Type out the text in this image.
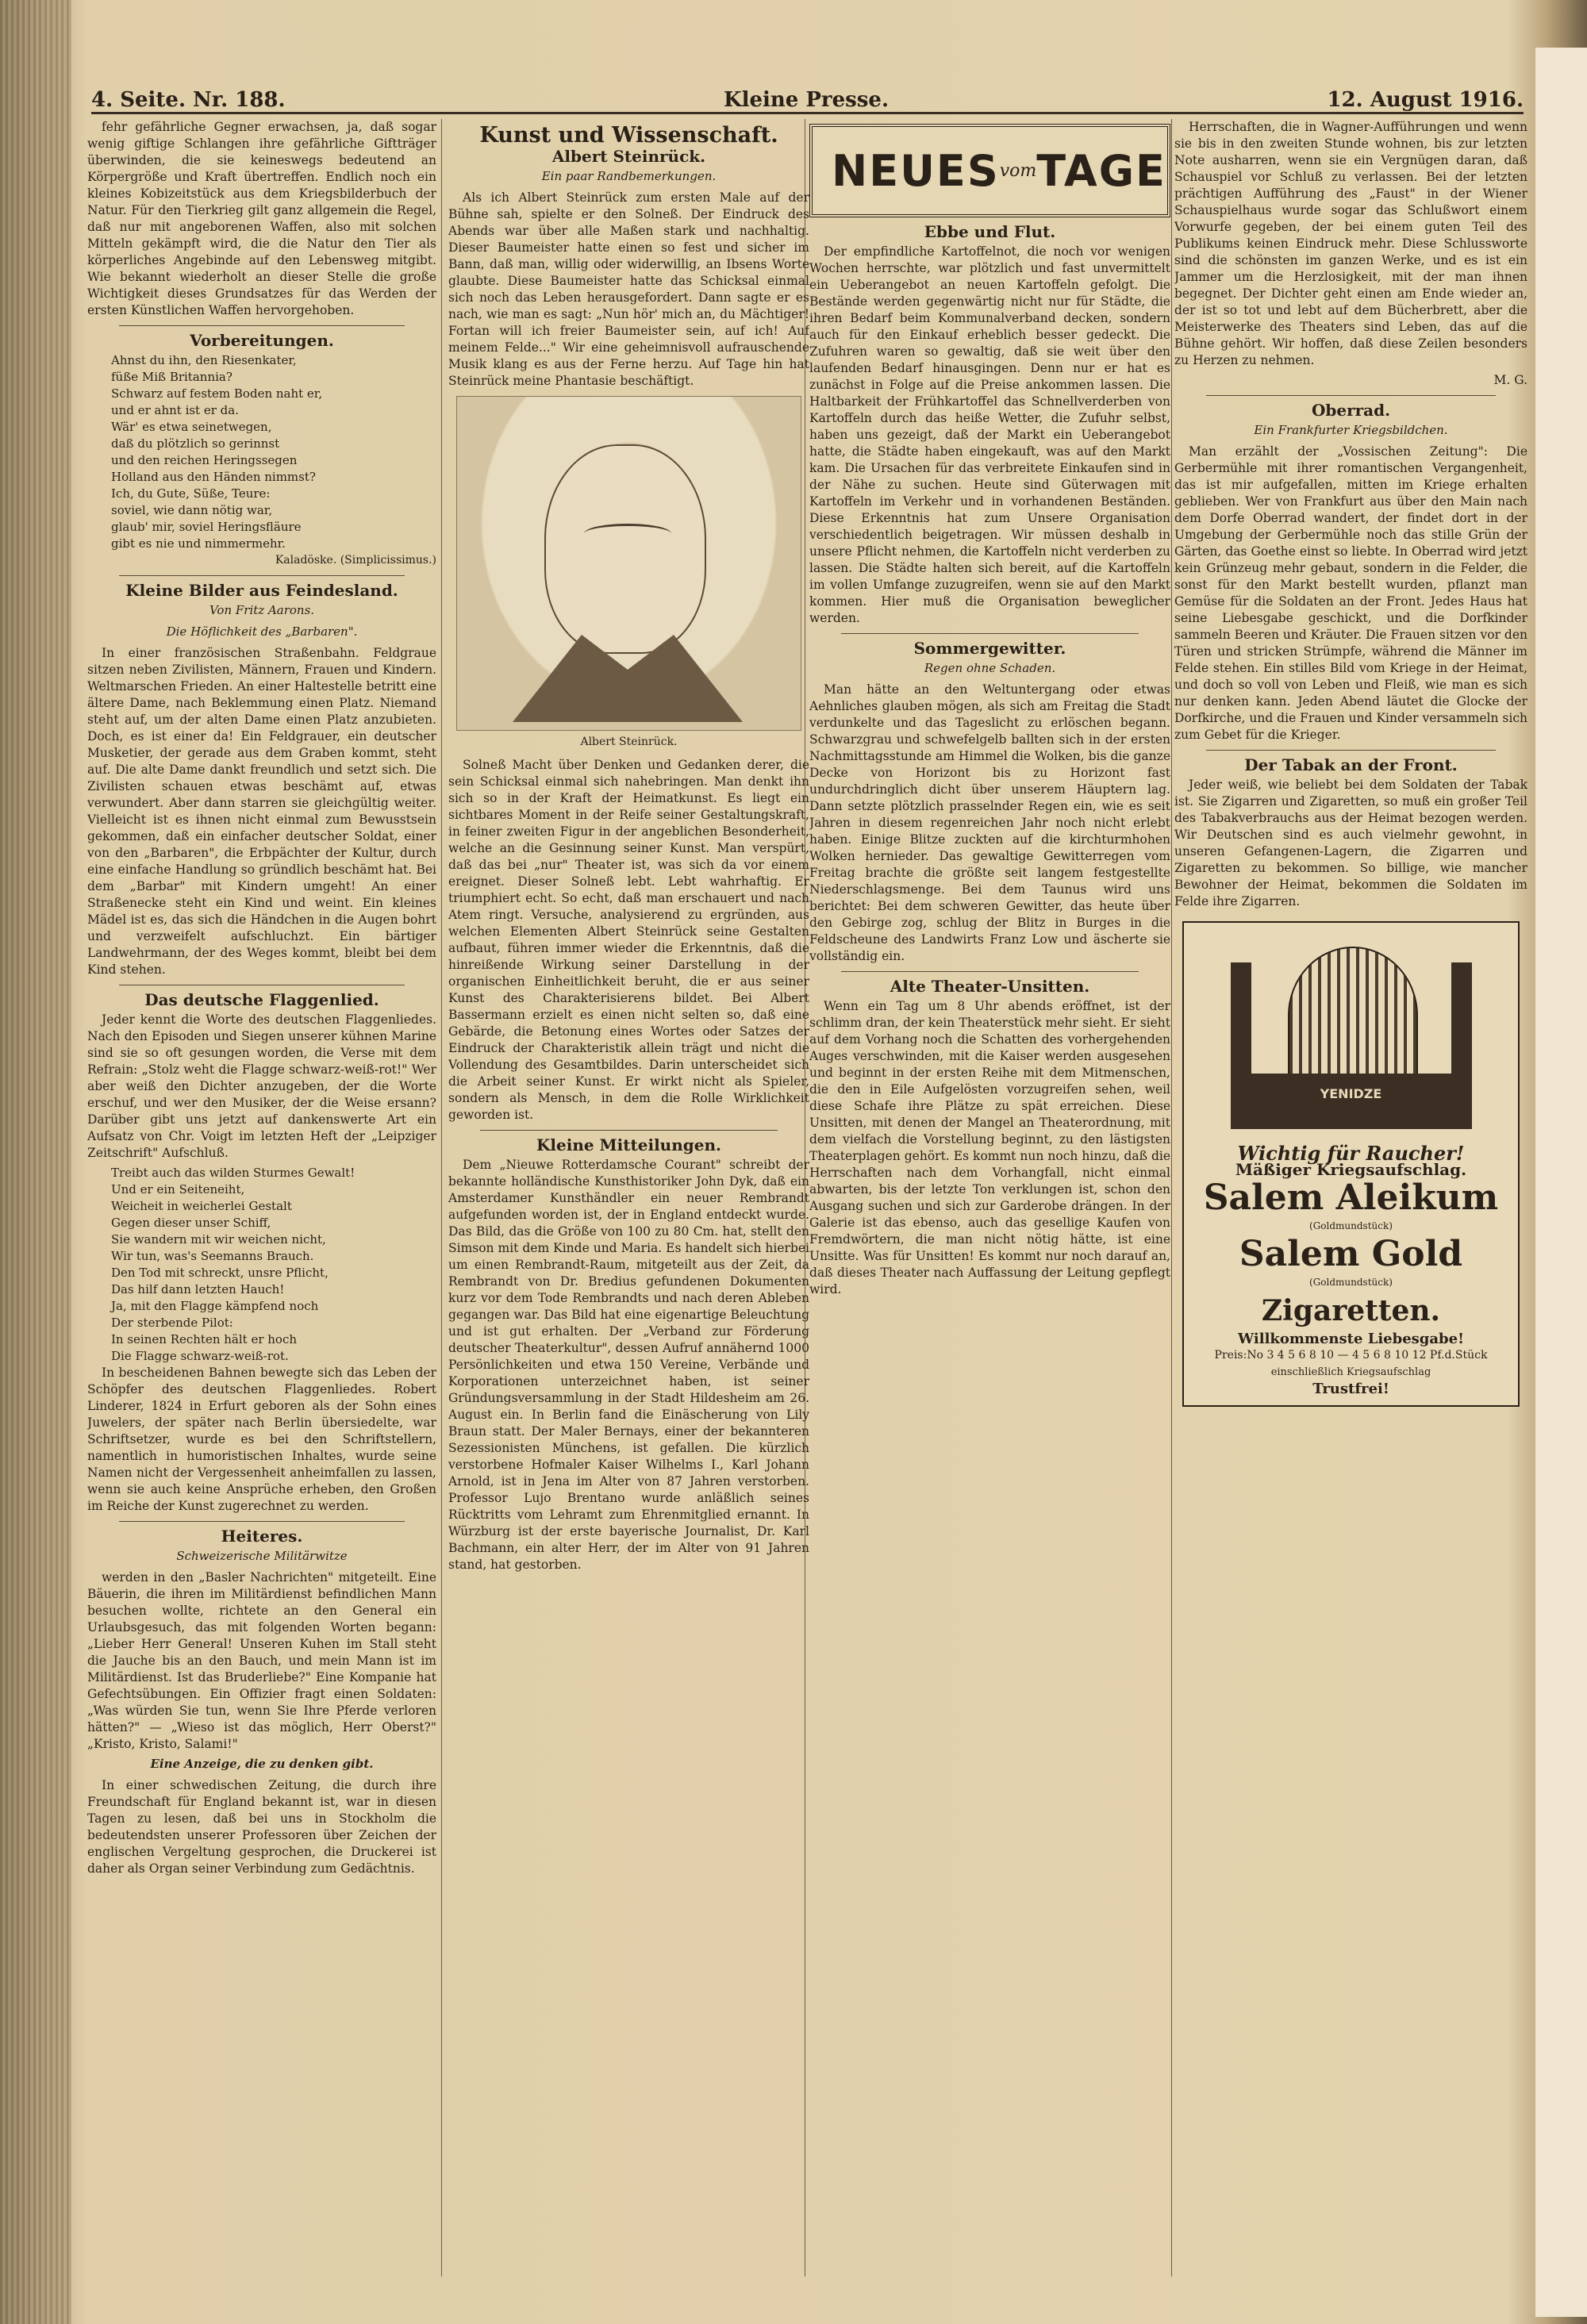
4. Seite. Nr. 188.	Kleine Presse.	12. August 1916.

fehr gefährliche Gegner erwachsen, ja, daß sogar wenig giftige Schlangen ihre gefährliche Giftträger überwinden, die sie keineswegs bedeutend an Körpergröße und Kraft übertreffen. Endlich noch ein kleines Kobizeitstück aus dem Kriegsbilderbuch der Natur. Für den Tierkrieg gilt ganz allgemein die Regel, daß nur mit angeborenen Waffen, also mit solchen Mitteln gekämpft wird, die die Natur den Tier als körperliches Angebinde auf den Lebensweg mitgibt. Wie bekannt wiederholt an dieser Stelle die große Wichtigkeit dieses Grundsatzes für das Werden der ersten Künstlichen Waffen hervorgehoben.

Vorbereitungen.
Ahnst du ihn, den Riesenkater,
füße Miß Britannia?
Schwarz auf festem Boden naht er,
und er ahnt ist er da.
Wär' es etwa seinetwegen,
daß du plötzlich so gerinnst
und den reichen Heringssegen
Holland aus den Händen nimmst?
Ich, du Gute, Süße, Teure:
soviel, wie dann nötig war,
glaub' mir, soviel Heringsfläure
gibt es nie und nimmermehr.
Kaladöske. (Simplicissimus.)
Kleine Bilder aus Feindesland.
Von Fritz Aarons.
Die Höflichkeit des „Barbaren".

In einer französischen Straßenbahn. Feldgraue sitzen neben Zivilisten, Männern, Frauen und Kindern. Weltmarschen Frieden. An einer Haltestelle betritt eine ältere Dame, nach Beklemmung einen Platz. Niemand steht auf, um der alten Dame einen Platz anzubieten. Doch, es ist einer da! Ein Feldgrauer, ein deutscher Musketier, der gerade aus dem Graben kommt, steht auf. Die alte Dame dankt freundlich und setzt sich. Die Zivilisten schauen etwas beschämt auf, etwas verwundert. Aber dann starren sie gleichgültig weiter. Vielleicht ist es ihnen nicht einmal zum Bewusstsein gekommen, daß ein einfacher deutscher Soldat, einer von den „Barbaren", die Erbpächter der Kultur, durch eine einfache Handlung so gründlich beschämt hat. Bei dem „Barbar" mit Kindern umgeht! An einer Straßenecke steht ein Kind und weint. Ein kleines Mädel ist es, das sich die Händchen in die Augen bohrt und verzweifelt aufschluchzt. Ein bärtiger Landwehrmann, der des Weges kommt, bleibt bei dem Kind stehen.

Das deutsche Flaggenlied.

Jeder kennt die Worte des deutschen Flaggenliedes. Nach den Episoden und Siegen unserer kühnen Marine sind sie so oft gesungen worden, die Verse mit dem Refrain: „Stolz weht die Flagge schwarz-weiß-rot!" Wer aber weiß den Dichter anzugeben, der die Worte erschuf, und wer den Musiker, der die Weise ersann? Darüber gibt uns jetzt auf dankenswerte Art ein Aufsatz von Chr. Voigt im letzten Heft der „Leipziger Zeitschrift" Aufschluß.

Treibt auch das wilden Sturmes Gewalt!
Und er ein Seiteneiht,
Weicheit in weicherlei Gestalt
Gegen dieser unser Schiff,
Sie wandern mit wir weichen nicht,
Wir tun, was's Seemanns Brauch.
Den Tod mit schreckt, unsre Pflicht,
Das hilf dann letzten Hauch!
Ja, mit den Flagge kämpfend noch
Der sterbende Pilot:
In seinen Rechten hält er hoch
Die Flagge schwarz-weiß-rot.

In bescheidenen Bahnen bewegte sich das Leben der Schöpfer des deutschen Flaggenliedes. Robert Linderer, 1824 in Erfurt geboren als der Sohn eines Juwelers, der später nach Berlin übersiedelte, war Schriftsetzer, wurde es bei den Schriftstellern, namentlich in humoristischen Inhaltes, wurde seine Namen nicht der Vergessenheit anheimfallen zu lassen, wenn sie auch keine Ansprüche erheben, den Großen im Reiche der Kunst zugerechnet zu werden.

Heiteres.
Schweizerische Militärwitze

werden in den „Basler Nachrichten" mitgeteilt. Eine Bäuerin, die ihren im Militärdienst befindlichen Mann besuchen wollte, richtete an den General ein Urlaubsgesuch, das mit folgenden Worten begann: „Lieber Herr General! Unseren Kuhen im Stall steht die Jauche bis an den Bauch, und mein Mann ist im Militärdienst. Ist das Bruderliebe?" Eine Kompanie hat Gefechtsübungen. Ein Offizier fragt einen Soldaten: „Was würden Sie tun, wenn Sie Ihre Pferde verloren hätten?" — „Wieso ist das möglich, Herr Oberst?" „Kristo, Kristo, Salami!"

Eine Anzeige, die zu denken gibt.

In einer schwedischen Zeitung, die durch ihre Freundschaft für England bekannt ist, war in diesen Tagen zu lesen, daß bei uns in Stockholm die bedeutendsten unserer Professoren über Zeichen der englischen Vergeltung gesprochen, die Druckerei ist daher als Organ seiner Verbindung zum Gedächtnis.

Kunst und Wissenschaft.
Albert Steinrück.
Ein paar Randbemerkungen.

Als ich Albert Steinrück zum ersten Male auf der Bühne sah, spielte er den Solneß. Der Eindruck des Abends war über alle Maßen stark und nachhaltig. Dieser Baumeister hatte einen so fest und sicher im Bann, daß man, willig oder widerwillig, an Ibsens Worte glaubte. Diese Baumeister hatte das Schicksal einmal sich noch das Leben herausgefordert. Dann sagte er es nach, wie man es sagt: „Nun hör' mich an, du Mächtiger! Fortan will ich freier Baumeister sein, auf ich! Auf meinem Felde..." Wir eine geheimnisvoll aufrauschende Musik klang es aus der Ferne herzu. Auf Tage hin hat Steinrück meine Phantasie beschäftigt.

Albert Steinrück.

Solneß Macht über Denken und Gedanken derer, die sein Schicksal einmal sich nahebringen. Man denkt ihn sich so in der Kraft der Heimatkunst. Es liegt ein sichtbares Moment in der Reife seiner Gestaltungskraft, in feiner zweiten Figur in der angeblichen Besonderheit, welche an die Gesinnung seiner Kunst. Man verspürt, daß das bei „nur" Theater ist, was sich da vor einem ereignet. Dieser Solneß lebt. Lebt wahrhaftig. Er triumphiert echt. So echt, daß man erschauert und nach Atem ringt. Versuche, analysierend zu ergründen, aus welchen Elementen Albert Steinrück seine Gestalten aufbaut, führen immer wieder die Erkenntnis, daß die hinreißende Wirkung seiner Darstellung in der organischen Einheitlichkeit beruht, die er aus seiner Kunst des Charakterisierens bildet. Bei Albert Bassermann erzielt es einen nicht selten so, daß eine Gebärde, die Betonung eines Wortes oder Satzes der Eindruck der Charakteristik allein trägt und nicht die Vollendung des Gesamtbildes. Darin unterscheidet sich die Arbeit seiner Kunst. Er wirkt nicht als Spieler, sondern als Mensch, in dem die Rolle Wirklichkeit geworden ist.

Kleine Mitteilungen.

Dem „Nieuwe Rotterdamsche Courant" schreibt der bekannte holländische Kunsthistoriker John Dyk, daß ein Amsterdamer Kunsthändler ein neuer Rembrandt aufgefunden worden ist, der in England entdeckt wurde. Das Bild, das die Größe von 100 zu 80 Cm. hat, stellt den Simson mit dem Kinde und Maria. Es handelt sich hierbei um einen Rembrandt-Raum, mitgeteilt aus der Zeit, da Rembrandt von Dr. Bredius gefundenen Dokumenten kurz vor dem Tode Rembrandts und nach deren Ableben gegangen war. Das Bild hat eine eigenartige Beleuchtung und ist gut erhalten. Der „Verband zur Förderung deutscher Theaterkultur", dessen Aufruf annähernd 1000 Persönlichkeiten und etwa 150 Vereine, Verbände und Korporationen unterzeichnet haben, ist seiner Gründungsversammlung in der Stadt Hildesheim am 26. August ein. In Berlin fand die Einäscherung von Lily Braun statt. Der Maler Bernays, einer der bekannteren Sezessionisten Münchens, ist gefallen. Die kürzlich verstorbene Hofmaler Kaiser Wilhelms I., Karl Johann Arnold, ist in Jena im Alter von 87 Jahren verstorben. Professor Lujo Brentano wurde anläßlich seines Rücktritts vom Lehramt zum Ehrenmitglied ernannt. In Würzburg ist der erste bayerische Journalist, Dr. Karl Bachmann, ein alter Herr, der im Alter von 91 Jahren stand, hat gestorben.

NEUES vom TAGE
Ebbe und Flut.

Der empfindliche Kartoffelnot, die noch vor wenigen Wochen herrschte, war plötzlich und fast unvermittelt ein Ueberangebot an neuen Kartoffeln gefolgt. Die Bestände werden gegenwärtig nicht nur für Städte, die ihren Bedarf beim Kommunalverband decken, sondern auch für den Einkauf erheblich besser gedeckt. Die Zufuhren waren so gewaltig, daß sie weit über den laufenden Bedarf hinausgingen. Denn nur er hat es zunächst in Folge auf die Preise ankommen lassen. Die Haltbarkeit der Frühkartoffel das Schnellverderben von Kartoffeln durch das heiße Wetter, die Zufuhr selbst, haben uns gezeigt, daß der Markt ein Ueberangebot hatte, die Städte haben eingekauft, was auf den Markt kam. Die Ursachen für das verbreitete Einkaufen sind in der Nähe zu suchen. Heute sind Güterwagen mit Kartoffeln im Verkehr und in vorhandenen Beständen. Diese Erkenntnis hat zum Unsere Organisation verschiedentlich beigetragen. Wir müssen deshalb in unsere Pflicht nehmen, die Kartoffeln nicht verderben zu lassen. Die Städte halten sich bereit, auf die Kartoffeln im vollen Umfange zuzugreifen, wenn sie auf den Markt kommen. Hier muß die Organisation beweglicher werden.

Sommergewitter.
Regen ohne Schaden.

Man hätte an den Weltuntergang oder etwas Aehnliches glauben mögen, als sich am Freitag die Stadt verdunkelte und das Tageslicht zu erlöschen begann. Schwarzgrau und schwefelgelb ballten sich in der ersten Nachmittagsstunde am Himmel die Wolken, bis die ganze Decke von Horizont bis zu Horizont fast undurchdringlich dicht über unserem Häuptern lag. Dann setzte plötzlich prasselnder Regen ein, wie es seit Jahren in diesem regenreichen Jahr noch nicht erlebt haben. Einige Blitze zuckten auf die kirchturmhohen Wolken hernieder. Das gewaltige Gewitterregen vom Freitag brachte die größte seit langem festgestellte Niederschlagsmenge. Bei dem Taunus wird uns berichtet: Bei dem schweren Gewitter, das heute über den Gebirge zog, schlug der Blitz in Burges in die Feldscheune des Landwirts Franz Low und äscherte sie vollständig ein.

Alte Theater-Unsitten.

Wenn ein Tag um 8 Uhr abends eröffnet, ist der schlimm dran, der kein Theaterstück mehr sieht. Er sieht auf dem Vorhang noch die Schatten des vorhergehenden Auges verschwinden, mit die Kaiser werden ausgesehen und beginnt in der ersten Reihe mit dem Mitmenschen, die den in Eile Aufgelösten vorzugreifen sehen, weil diese Schafe ihre Plätze zu spät erreichen. Diese Unsitten, mit denen der Mangel an Theaterordnung, mit dem vielfach die Vorstellung beginnt, zu den lästigsten Theaterplagen gehört. Es kommt nun noch hinzu, daß die Herrschaften nach dem Vorhangfall, nicht einmal abwarten, bis der letzte Ton verklungen ist, schon den Ausgang suchen und sich zur Garderobe drängen. In der Galerie ist das ebenso, auch das gesellige Kaufen von Fremdwörtern, die man nicht nötig hätte, ist eine Unsitte. Was für Unsitten! Es kommt nur noch darauf an, daß dieses Theater nach Auffassung der Leitung gepflegt wird.

Herrschaften, die in Wagner-Aufführungen und wenn sie bis in den zweiten Stunde wohnen, bis zur letzten Note ausharren, wenn sie ein Vergnügen daran, daß Schauspiel vor Schluß zu verlassen. Bei der letzten prächtigen Aufführung des „Faust" in der Wiener Schauspielhaus wurde sogar das Schlußwort einem Vorwurfe gegeben, der bei einem guten Teil des Publikums keinen Eindruck mehr. Diese Schlussworte sind die schönsten im ganzen Werke, und es ist ein Jammer um die Herzlosigkeit, mit der man ihnen begegnet. Der Dichter geht einen am Ende wieder an, der ist so tot und lebt auf dem Bücherbrett, aber die Meisterwerke des Theaters sind Leben, das auf die Bühne gehört. Wir hoffen, daß diese Zeilen besonders zu Herzen zu nehmen.

M. G.
Oberrad.
Ein Frankfurter Kriegsbildchen.

Man erzählt der „Vossischen Zeitung": Die Gerbermühle mit ihrer romantischen Vergangenheit, das ist mir aufgefallen, mitten im Kriege erhalten geblieben. Wer von Frankfurt aus über den Main nach dem Dorfe Oberrad wandert, der findet dort in der Umgebung der Gerbermühle noch das stille Grün der Gärten, das Goethe einst so liebte. In Oberrad wird jetzt kein Grünzeug mehr gebaut, sondern in die Felder, die sonst für den Markt bestellt wurden, pflanzt man Gemüse für die Soldaten an der Front. Jedes Haus hat seine Liebesgabe geschickt, und die Dorfkinder sammeln Beeren und Kräuter. Die Frauen sitzen vor den Türen und stricken Strümpfe, während die Männer im Felde stehen. Ein stilles Bild vom Kriege in der Heimat, und doch so voll von Leben und Fleiß, wie man es sich nur denken kann. Jeden Abend läutet die Glocke der Dorfkirche, und die Frauen und Kinder versammeln sich zum Gebet für die Krieger.

Der Tabak an der Front.

Jeder weiß, wie beliebt bei dem Soldaten der Tabak ist. Sie Zigarren und Zigaretten, so muß ein großer Teil des Tabakverbrauchs aus der Heimat bezogen werden. Wir Deutschen sind es auch vielmehr gewohnt, in unseren Gefangenen-Lagern, die Zigarren und Zigaretten zu bekommen. So billige, wie mancher Bewohner der Heimat, bekommen die Soldaten im Felde ihre Zigarren.

YENIDZE
Wichtig für Raucher!
Mäßiger Kriegsaufschlag.
Salem Aleikum
(Goldmundstück)
Salem Gold
(Goldmundstück)
Zigaretten.
Willkommenste Liebesgabe!
Preis:No 3 4 5 6 8 10 — 4 5 6 8 10 12 Pf.d.Stück
einschließlich Kriegsaufschlag
Trustfrei!
